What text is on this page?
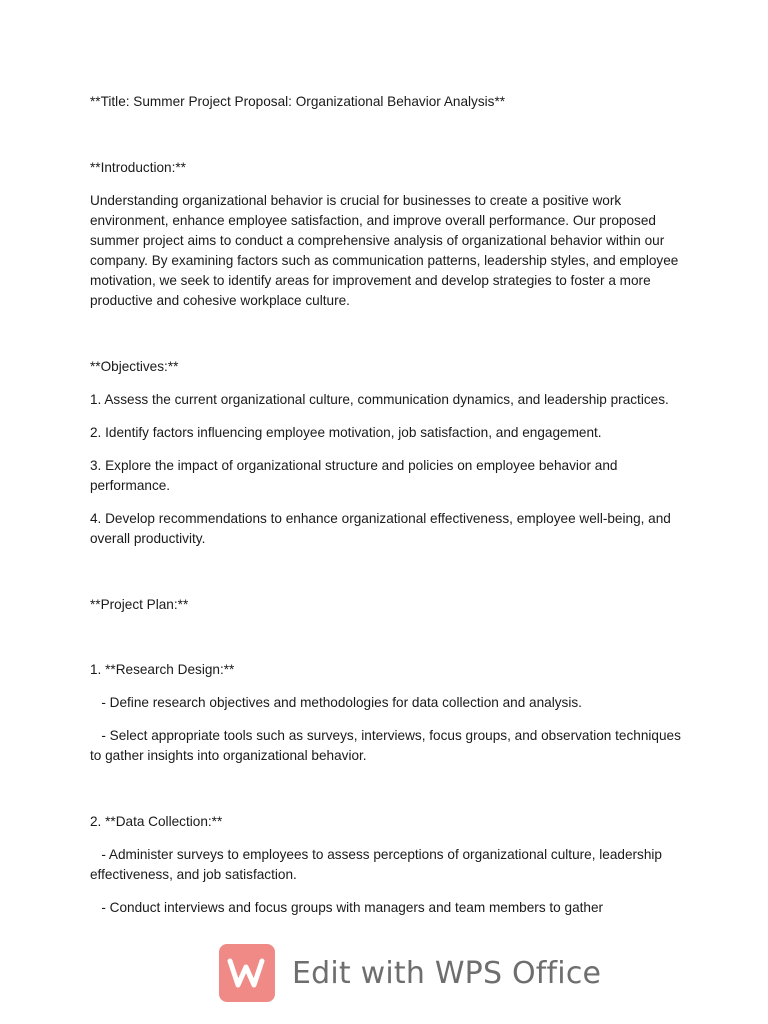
**Title: Summer Project Proposal: Organizational Behavior Analysis**

**Introduction:**

Understanding organizational behavior is crucial for businesses to create a positive work environment, enhance employee satisfaction, and improve overall performance. Our proposed summer project aims to conduct a comprehensive analysis of organizational behavior within our company. By examining factors such as communication patterns, leadership styles, and employee motivation, we seek to identify areas for improvement and develop strategies to foster a more productive and cohesive workplace culture.

**Objectives:**

1. Assess the current organizational culture, communication dynamics, and leadership practices.

2. Identify factors influencing employee motivation, job satisfaction, and engagement.

3. Explore the impact of organizational structure and policies on employee behavior and performance.

4. Develop recommendations to enhance organizational effectiveness, employee well-being, and overall productivity.

**Project Plan:**

1. **Research Design:**

- Define research objectives and methodologies for data collection and analysis.

- Select appropriate tools such as surveys, interviews, focus groups, and observation techniques to gather insights into organizational behavior.

2. **Data Collection:**

- Administer surveys to employees to assess perceptions of organizational culture, leadership effectiveness, and job satisfaction.

- Conduct interviews and focus groups with managers and team members to gather

Edit with WPS Office
